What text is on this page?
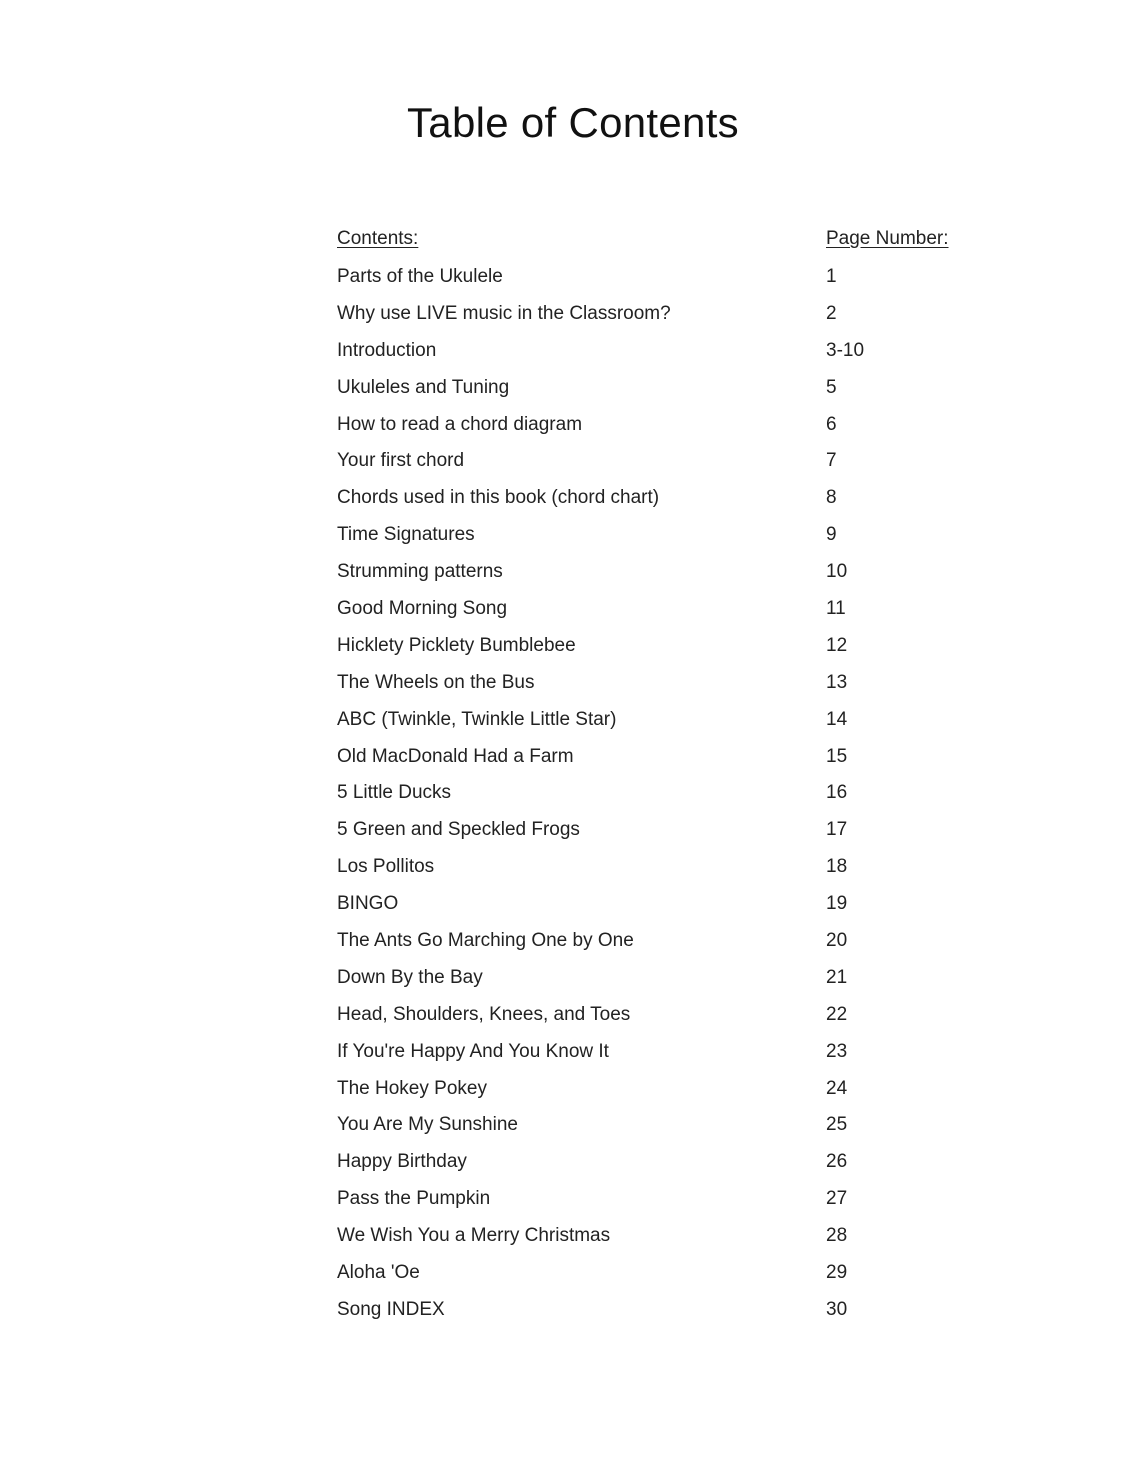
Table of Contents
Contents:	Page Number:
Parts of the Ukulele	1
Why use LIVE music in the Classroom?	2
Introduction	3-10
Ukuleles and Tuning	5
How to read a chord diagram	6
Your first chord	7
Chords used in this book (chord chart)	8
Time Signatures	9
Strumming patterns	10
Good Morning Song	11
Hicklety Picklety Bumblebee	12
The Wheels on the Bus	13
ABC (Twinkle, Twinkle Little Star)	14
Old MacDonald Had a Farm	15
5 Little Ducks	16
5 Green and Speckled Frogs	17
Los Pollitos	18
BINGO	19
The Ants Go Marching One by One	20
Down By the Bay	21
Head, Shoulders, Knees, and Toes	22
If You're Happy And You Know It	23
The Hokey Pokey	24
You Are My Sunshine	25
Happy Birthday	26
Pass the Pumpkin	27
We Wish You a Merry Christmas	28
Aloha 'Oe	29
Song INDEX	30
